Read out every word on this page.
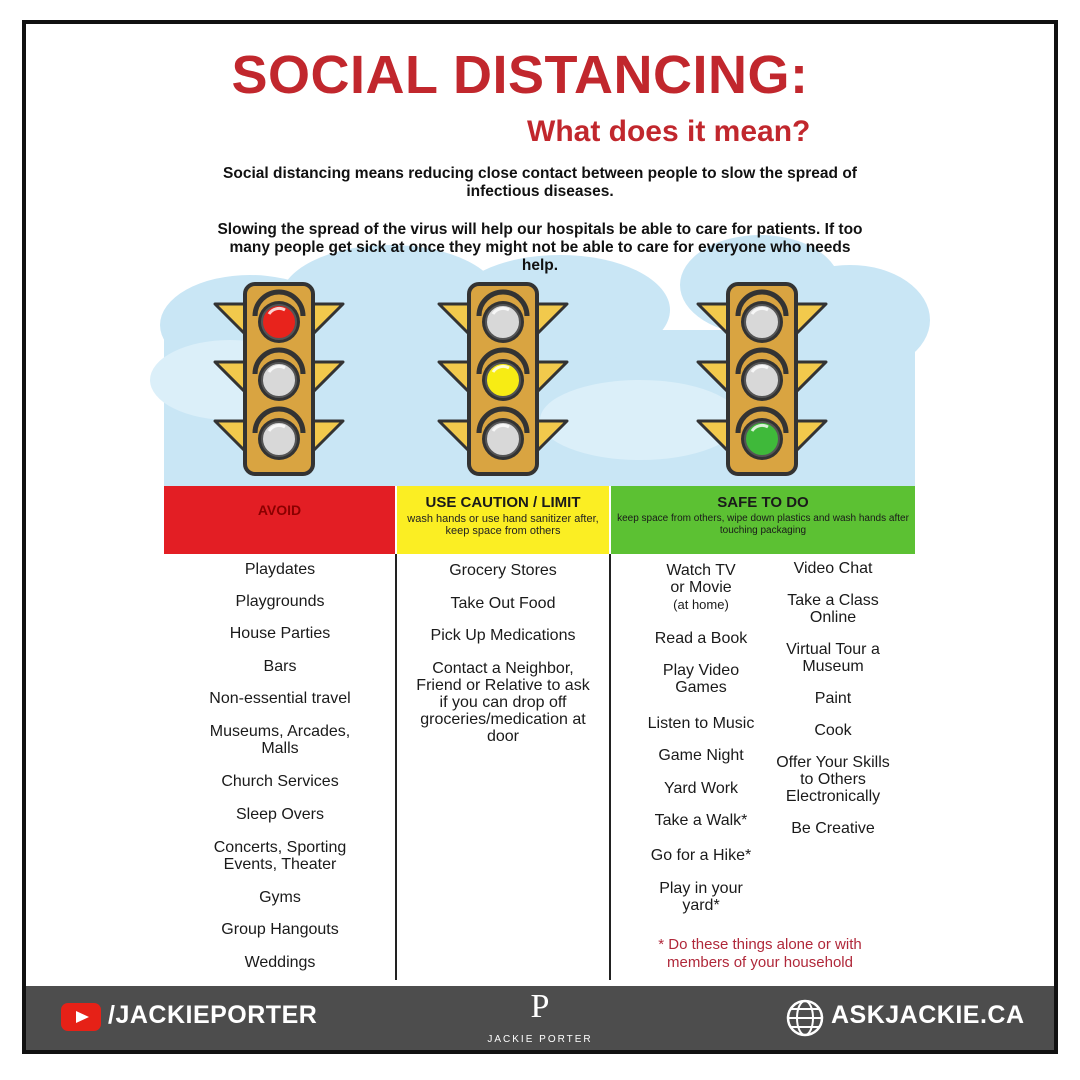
SOCIAL DISTANCING:
What does it mean?
Social distancing means reducing close contact between people to slow the spread of infectious diseases.
Slowing the spread of the virus will help our hospitals be able to care for patients. If too many people get sick at once they might not be able to care for everyone who needs help.
AVOID	USE CAUTION / LIMIT
wash hands or use hand sanitizer after, keep space from others
SAFE TO DO
keep space from others, wipe down plastics and wash hands after touching packaging
Playdates
Playgrounds
House Parties
Bars
Non-essential travel
Museums, Arcades, Malls
Church Services
Sleep Overs
Concerts, Sporting Events, Theater
Gyms
Group Hangouts
Weddings
Grocery Stores
Take Out Food
Pick Up Medications
Contact a Neighbor, Friend or Relative to ask if you can drop off groceries/medication at door
Watch TV or Movie
(at home)
Read a Book
Play Video Games
Listen to Music
Game Night
Yard Work
Take a Walk*
Go for a Hike*
Play in your yard*
Video Chat
Take a Class Online
Virtual Tour a Museum
Paint
Cook
Offer Your Skills to Others Electronically
Be Creative
* Do these things alone or with members of your household
/JACKIEPORTER	P
JACKIE PORTER
ASKJACKIE.CA
